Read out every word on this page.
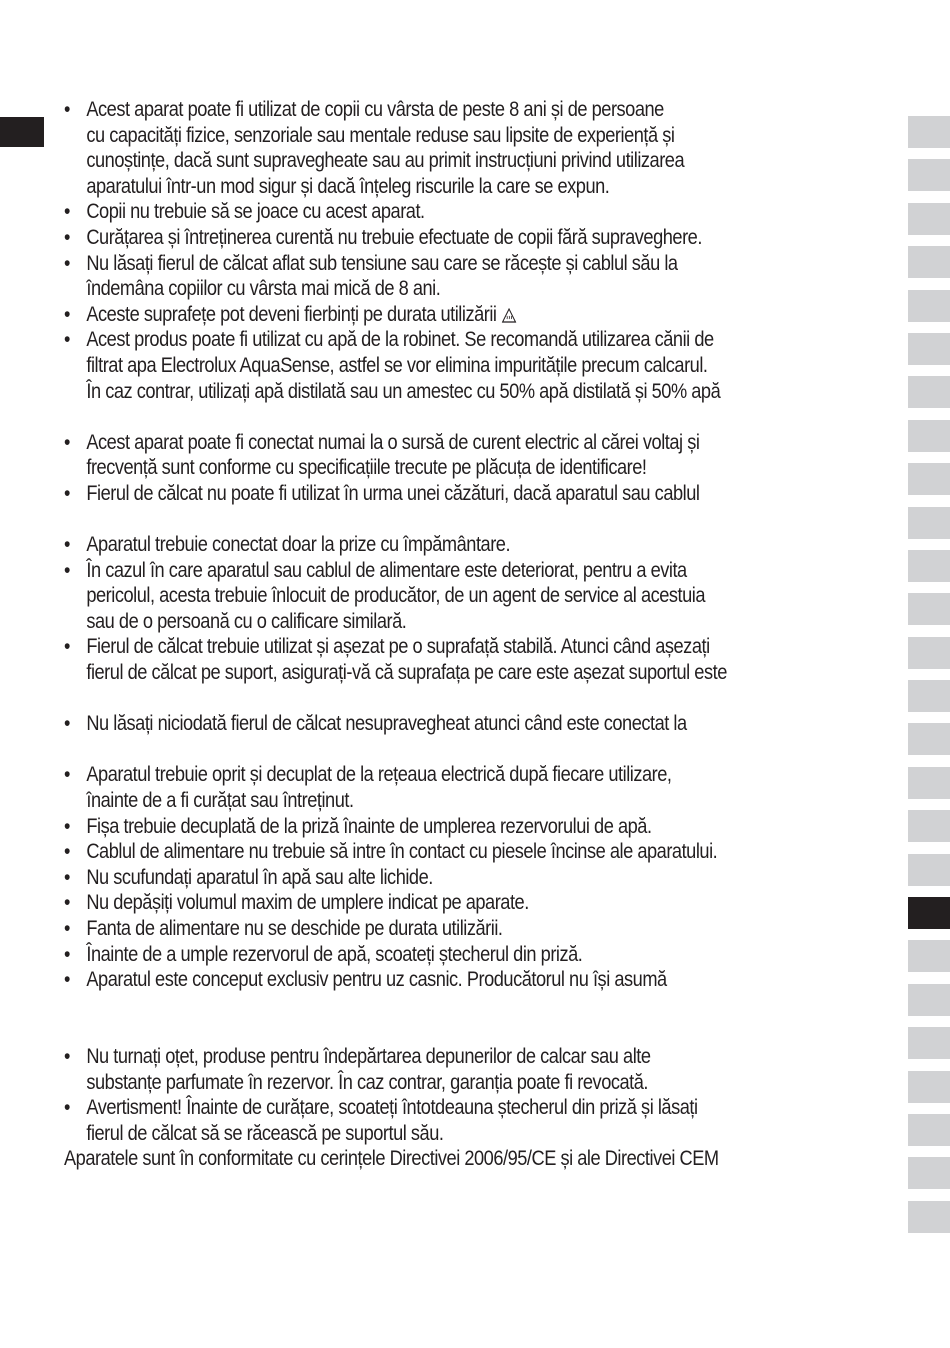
• Acest aparat poate fi utilizat de copii cu vârsta de peste 8 ani și de persoane
cu capacități fizice, senzoriale sau mentale reduse sau lipsite de experiență și
cunoștințe, dacă sunt supravegheate sau au primit instrucțiuni privind utilizarea
aparatului într-un mod sigur și dacă înțeleg riscurile la care se expun.
• Copii nu trebuie să se joace cu acest aparat.
• Curățarea și întreținerea curentă nu trebuie efectuate de copii fără supraveghere.
• Nu lăsați fierul de călcat aflat sub tensiune sau care se răcește și cablul său la
îndemâna copiilor cu vârsta mai mică de 8 ani.
• Aceste suprafețe pot deveni fierbinți pe durata utilizării
• Acest produs poate fi utilizat cu apă de la robinet. Se recomandă utilizarea cănii de
filtrat apa Electrolux AquaSense, astfel se vor elimina impuritățile precum calcarul.
În caz contrar, utilizați apă distilată sau un amestec cu 50% apă distilată și 50% apă
• Acest aparat poate fi conectat numai la o sursă de curent electric al cărei voltaj și
frecvență sunt conforme cu specificațiile trecute pe plăcuța de identificare!
• Fierul de călcat nu poate fi utilizat în urma unei căzături, dacă aparatul sau cablul
• Aparatul trebuie conectat doar la prize cu împământare.
• În cazul în care aparatul sau cablul de alimentare este deteriorat, pentru a evita
pericolul, acesta trebuie înlocuit de producător, de un agent de service al acestuia
sau de o persoană cu o calificare similară.
• Fierul de călcat trebuie utilizat și așezat pe o suprafață stabilă. Atunci când așezați
fierul de călcat pe suport, asigurați-vă că suprafața pe care este așezat suportul este
• Nu lăsați niciodată fierul de călcat nesupravegheat atunci când este conectat la
• Aparatul trebuie oprit și decuplat de la rețeaua electrică după fiecare utilizare,
înainte de a fi curățat sau întreținut.
• Fișa trebuie decuplată de la priză înainte de umplerea rezervorului de apă.
• Cablul de alimentare nu trebuie să intre în contact cu piesele încinse ale aparatului.
• Nu scufundați aparatul în apă sau alte lichide.
• Nu depășiți volumul maxim de umplere indicat pe aparate.
• Fanta de alimentare nu se deschide pe durata utilizării.
• Înainte de a umple rezervorul de apă, scoateți ștecherul din priză.
• Aparatul este conceput exclusiv pentru uz casnic. Producătorul nu își asumă
• Nu turnați oțet, produse pentru îndepărtarea depunerilor de calcar sau alte
substanțe parfumate în rezervor. În caz contrar, garanția poate fi revocată.
• Avertisment! Înainte de curățare, scoateți întotdeauna ștecherul din priză și lăsați
fierul de călcat să se răcească pe suportul său.

Aparatele sunt în conformitate cu cerințele Directivei 2006/95/CE și ale Directivei CEM
